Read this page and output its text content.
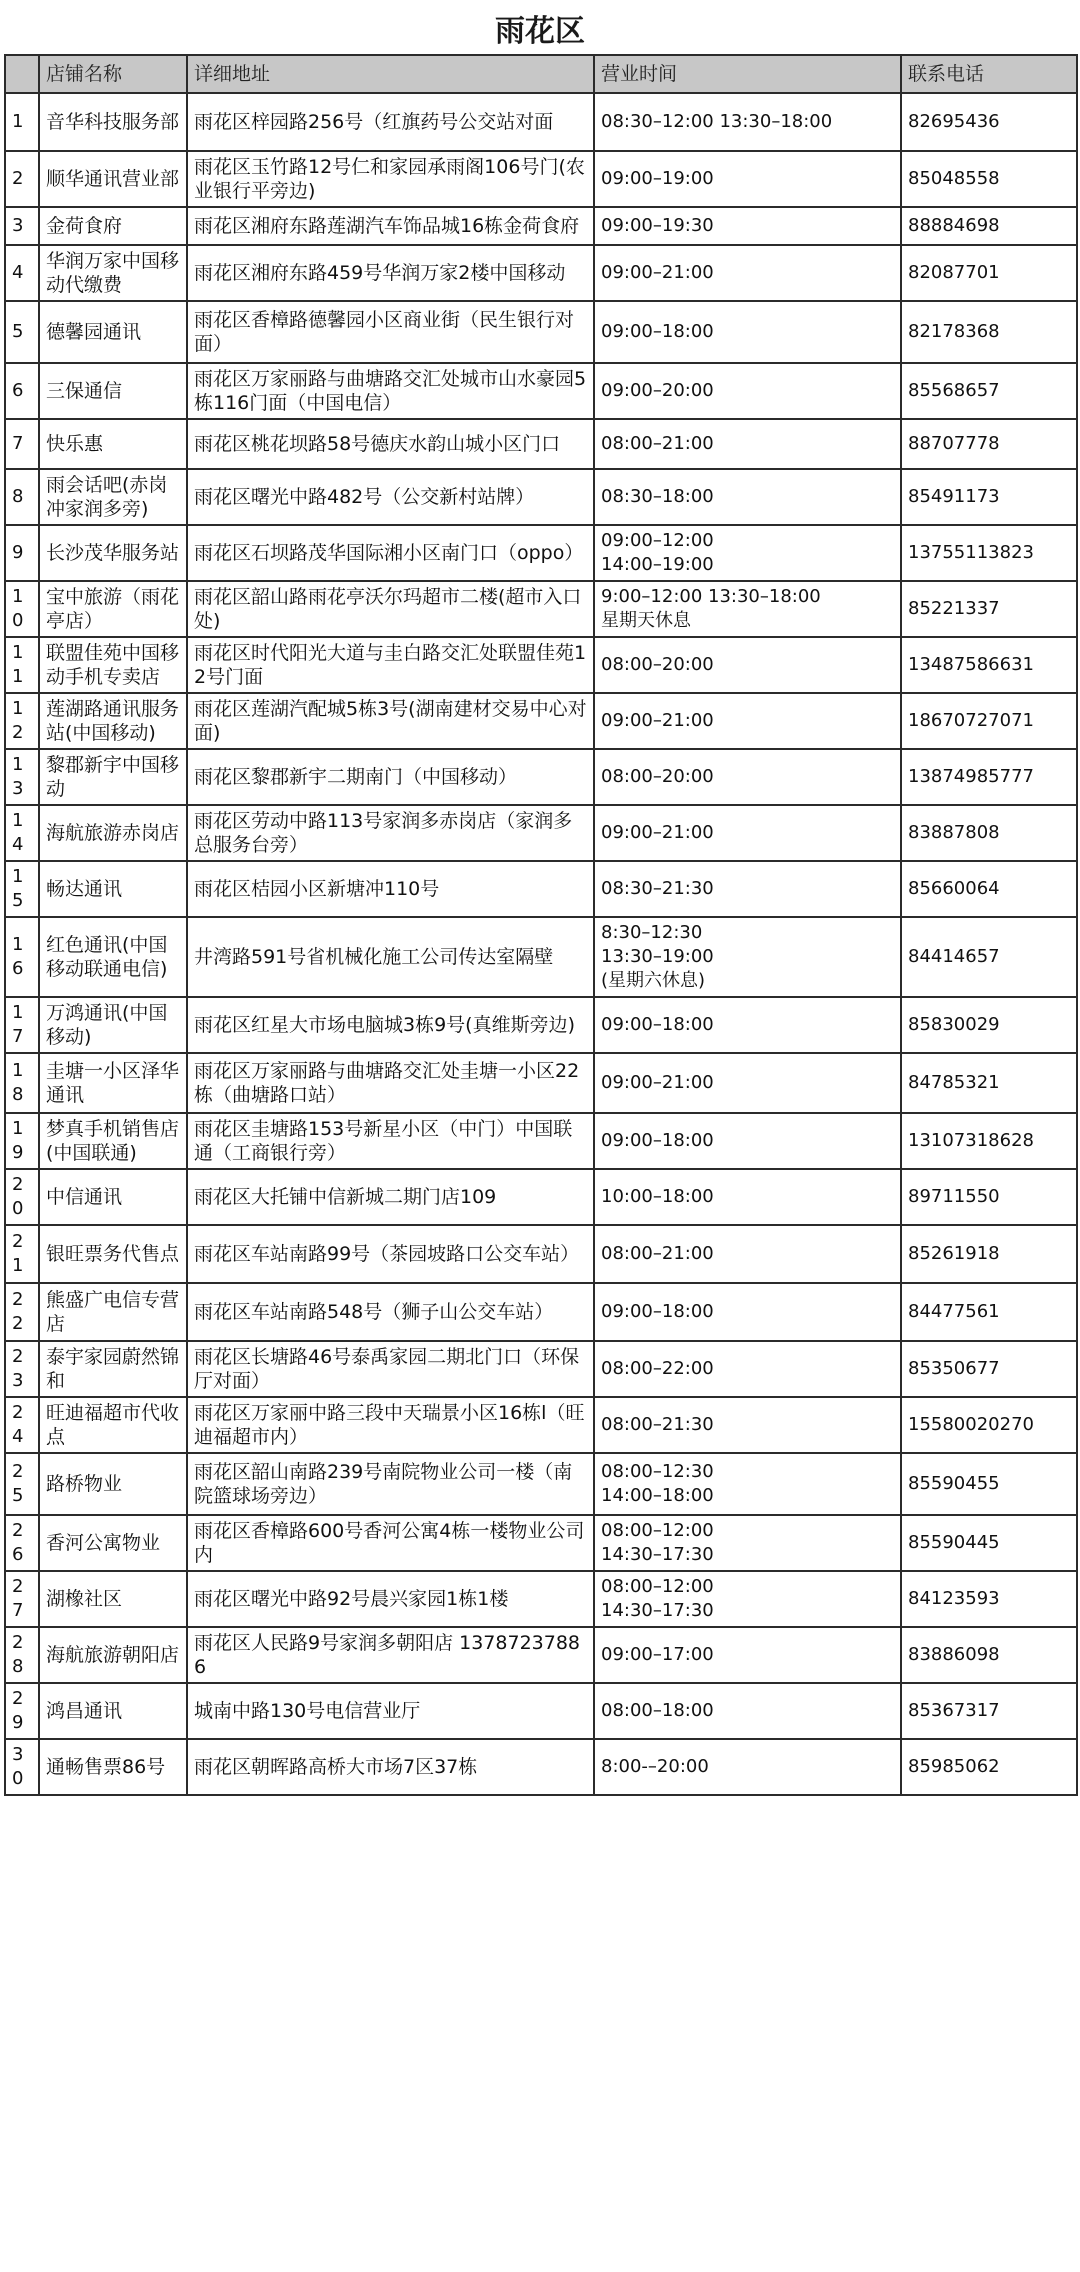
雨花区
	店铺名称	详细地址	营业时间	联系电话
1	音华科技服务部	雨花区梓园路256号（红旗药号公交站对面	08:30–12:00 13:30–18:00	82695436
2	顺华通讯营业部	雨花区玉竹路12号仁和家园承雨阁106号门(农业银行平旁边)	09:00–19:00	85048558
3	金荷食府	雨花区湘府东路莲湖汽车饰品城16栋金荷食府	09:00–19:30	88884698
4	华润万家中国移动代缴费	雨花区湘府东路459号华润万家2楼中国移动	09:00–21:00	82087701
5	德馨园通讯	雨花区香樟路德馨园小区商业街（民生银行对面）	09:00–18:00	82178368
6	三保通信	雨花区万家丽路与曲塘路交汇处城市山水豪园5栋116门面（中国电信）	09:00–20:00	85568657
7	快乐惠	雨花区桃花坝路58号德庆水韵山城小区门口	08:00–21:00	88707778
8	雨会话吧(赤岗冲家润多旁)	雨花区曙光中路482号（公交新村站牌）	08:30–18:00	85491173
9	长沙茂华服务站	雨花区石坝路茂华国际湘小区南门口（oppo）	09:00–12:00
14:00–19:00	13755113823
10	宝中旅游（雨花亭店）	雨花区韶山路雨花亭沃尔玛超市二楼(超市入口处)	9:00–12:00 13:30–18:00
星期天休息	85221337
11	联盟佳苑中国移动手机专卖店	雨花区时代阳光大道与圭白路交汇处联盟佳苑12号门面	08:00–20:00	13487586631
12	莲湖路通讯服务站(中国移动)	雨花区莲湖汽配城5栋3号(湖南建材交易中心对面)	09:00–21:00	18670727071
13	黎郡新宇中国移动	雨花区黎郡新宇二期南门（中国移动）	08:00–20:00	13874985777
14	海航旅游赤岗店	雨花区劳动中路113号家润多赤岗店（家润多总服务台旁）	09:00–21:00	83887808
15	畅达通讯	雨花区桔园小区新塘冲110号	08:30–21:30	85660064
16	红色通讯(中国移动联通电信)	井湾路591号省机械化施工公司传达室隔壁	8:30–12:30
13:30–19:00
(星期六休息)	84414657
17	万鸿通讯(中国移动)	雨花区红星大市场电脑城3栋9号(真维斯旁边)	09:00–18:00	85830029
18	圭塘一小区泽华通讯	雨花区万家丽路与曲塘路交汇处圭塘一小区22栋（曲塘路口站）	09:00–21:00	84785321
19	梦真手机销售店(中国联通)	雨花区圭塘路153号新星小区（中门）中国联通（工商银行旁）	09:00–18:00	13107318628
20	中信通讯	雨花区大托铺中信新城二期门店109	10:00–18:00	89711550
21	银旺票务代售点	雨花区车站南路99号（茶园坡路口公交车站）	08:00–21:00	85261918
22	熊盛广电信专营店	雨花区车站南路548号（狮子山公交车站）	09:00–18:00	84477561
23	泰宇家园蔚然锦和	雨花区长塘路46号泰禹家园二期北门口（环保厅对面）	08:00–22:00	85350677
24	旺迪福超市代收点	雨花区万家丽中路三段中天瑞景小区16栋l（旺迪福超市内）	08:00–21:30	15580020270
25	路桥物业	雨花区韶山南路239号南院物业公司一楼（南院篮球场旁边）	08:00–12:30
14:00–18:00	85590455
26	香河公寓物业	雨花区香樟路600号香河公寓4栋一楼物业公司内	08:00–12:00
14:30–17:30	85590445
27	湖橡社区	雨花区曙光中路92号晨兴家园1栋1楼	08:00–12:00
14:30–17:30	84123593
28	海航旅游朝阳店	雨花区人民路9号家润多朝阳店 13787237886	09:00–17:00	83886098
29	鸿昌通讯	城南中路130号电信营业厅	08:00–18:00	85367317
30	通畅售票86号	雨花区朝晖路高桥大市场7区37栋	8:00-–20:00	85985062
